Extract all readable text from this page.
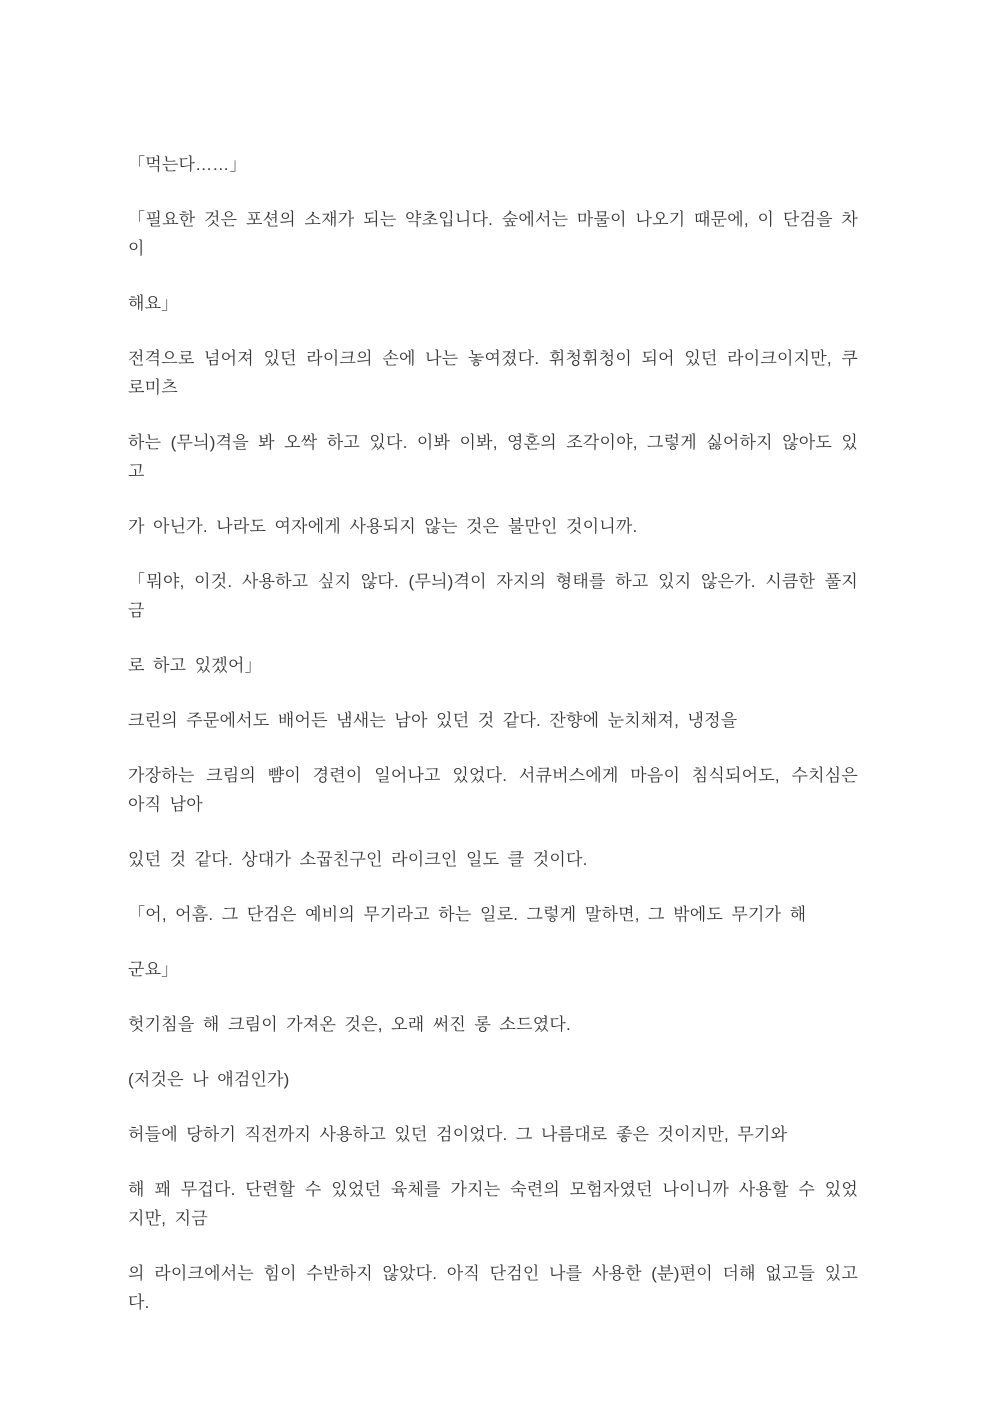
「먹는다……」

「필요한 것은 포션의 소재가 되는 약초입니다. 숲에서는 마물이 나오기 때문에, 이 단검을 차
이

해요」

전격으로 넘어져 있던 라이크의 손에 나는 놓여졌다. 휘청휘청이 되어 있던 라이크이지만, 쿠
로미츠

하는 (무늬)격을 봐 오싹 하고 있다. 이봐 이봐, 영혼의 조각이야, 그렇게 싫어하지 않아도 있
고

가 아닌가. 나라도 여자에게 사용되지 않는 것은 불만인 것이니까.

「뭐야, 이것. 사용하고 싶지 않다. (무늬)격이 자지의 형태를 하고 있지 않은가. 시큼한 풀지금

로 하고 있겠어」

크린의 주문에서도 배어든 냄새는 남아 있던 것 같다. 잔향에 눈치채져, 냉정을

가장하는 크림의 뺨이 경련이 일어나고 있었다. 서큐버스에게 마음이 침식되어도, 수치심은
아직 남아

있던 것 같다. 상대가 소꿉친구인 라이크인 일도 클 것이다.

「어, 어흠. 그 단검은 예비의 무기라고 하는 일로. 그렇게 말하면, 그 밖에도 무기가 해

군요」

헛기침을 해 크림이 가져온 것은, 오래 써진 롱 소드였다.

(저것은 나 애검인가)

허들에 당하기 직전까지 사용하고 있던 검이었다. 그 나름대로 좋은 것이지만, 무기와

해 꽤 무겁다. 단련할 수 있었던 육체를 가지는 숙련의 모험자였던 나이니까 사용할 수 있었
지만, 지금

의 라이크에서는 힘이 수반하지 않았다. 아직 단검인 나를 사용한 (분)편이 더해 없고들 있고
다.
